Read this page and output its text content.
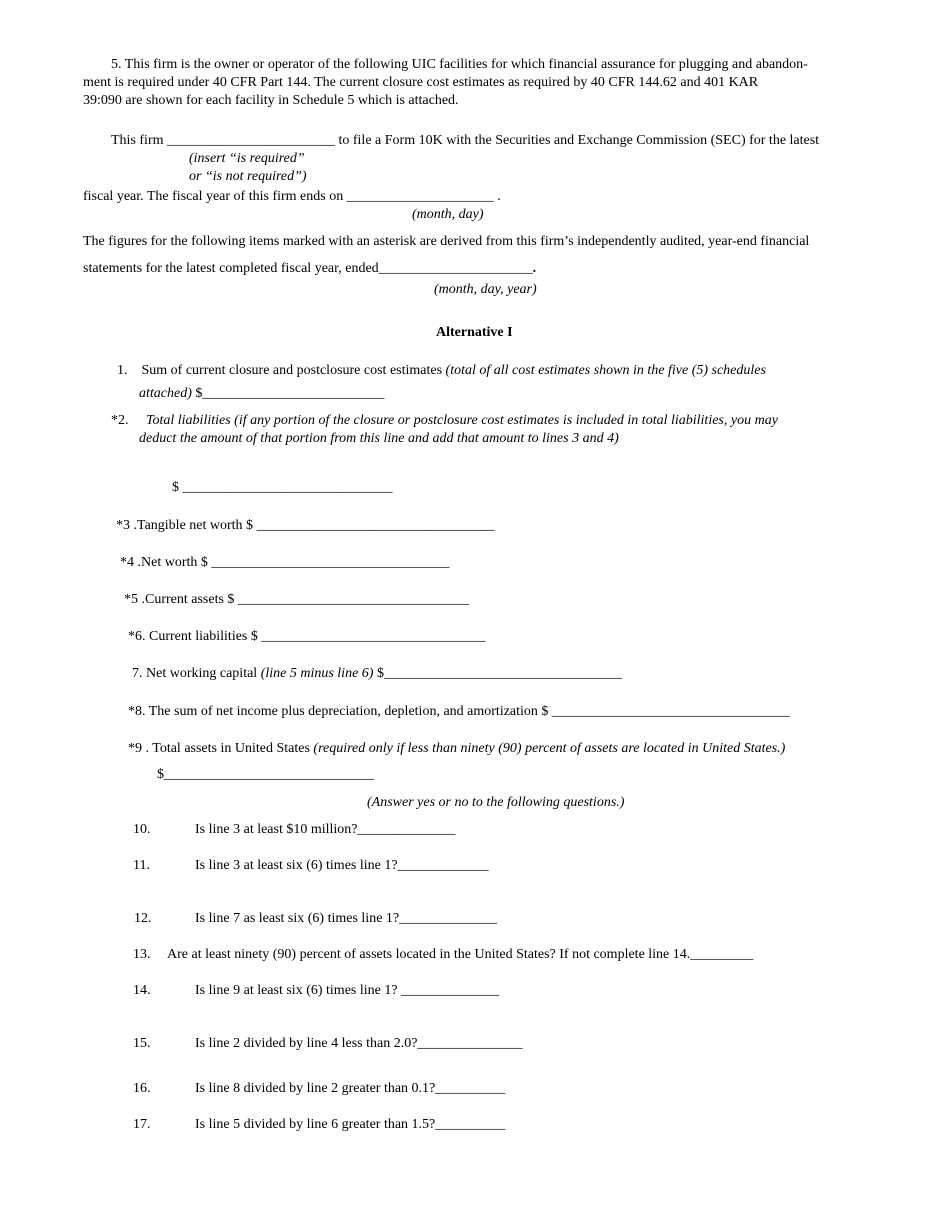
5. This firm is the owner or operator of the following UIC facilities for which financial assurance for plugging and abandon-
ment is required under 40 CFR Part 144. The current closure cost estimates as required by 40 CFR 144.62 and 401 KAR
39:090 are shown for each facility in Schedule 5 which is attached.
This firm ________________________ to file a Form 10K with the Securities and Exchange Commission (SEC) for the latest
(insert “is required”
or “is not required”)
fiscal year. The fiscal year of this firm ends on _____________________ .
(month, day)
The figures for the following items marked with an asterisk are derived from this firm’s independently audited, year-end financial
statements for the latest completed fiscal year, ended______________________.
(month, day, year)
Alternative I
1. Sum of current closure and postclosure cost estimates (total of all cost estimates shown in the five (5) schedules
attached) $__________________________
*2. Total liabilities (if any portion of the closure or postclosure cost estimates is included in total liabilities, you may
deduct the amount of that portion from this line and add that amount to lines 3 and 4)
$ ______________________________
*3 .Tangible net worth $ __________________________________
*4 .Net worth $ __________________________________
*5 .Current assets $ _________________________________
*6. Current liabilities $ ________________________________
7. Net working capital (line 5 minus line 6) $__________________________________
*8. The sum of net income plus depreciation, depletion, and amortization $ __________________________________
*9 . Total assets in United States (required only if less than ninety (90) percent of assets are located in United States.)
$______________________________
(Answer yes or no to the following questions.)
10.	Is line 3 at least $10 million?______________
11.	Is line 3 at least six (6) times line 1?_____________
12.	Is line 7 as least six (6) times line 1?______________
13. Are at least ninety (90) percent of assets located in the United States? If not complete line 14._________
14.	Is line 9 at least six (6) times line 1? ______________
15.	Is line 2 divided by line 4 less than 2.0?_______________
16.	Is line 8 divided by line 2 greater than 0.1?__________
17.	Is line 5 divided by line 6 greater than 1.5?__________
